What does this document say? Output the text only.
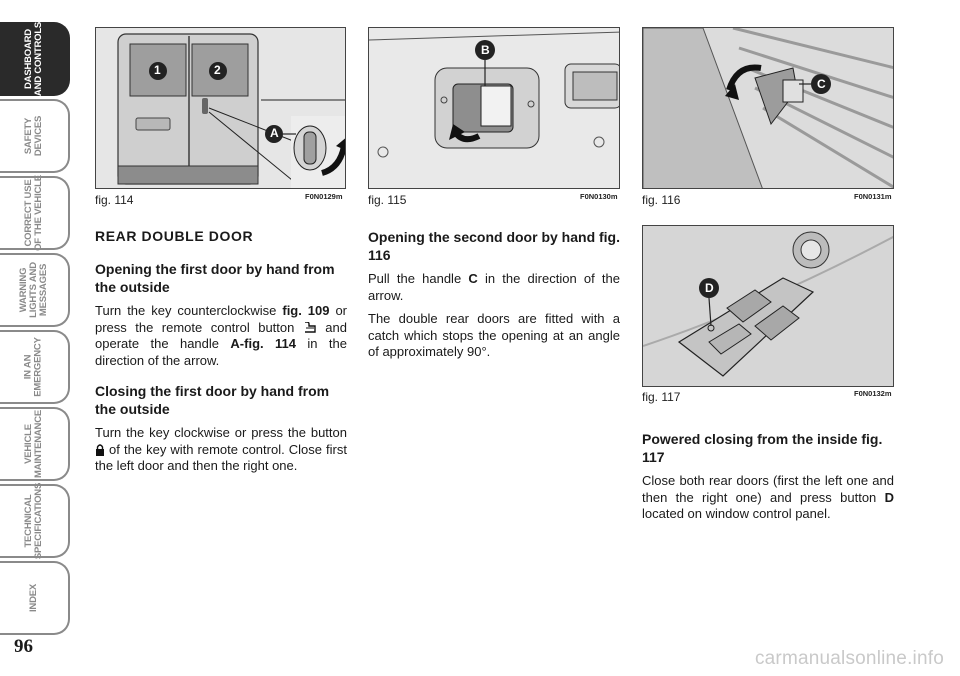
DASHBOARD
AND CONTROLS
SAFETY
DEVICES
CORRECT USE
OF THE VEHICLE
WARNING
LIGHTS AND
MESSAGES
IN AN
EMERGENCY
VEHICLE
MAINTENANCE
TECHNICAL
SPECIFICATIONS
INDEX
96
1	2
A
fig. 114	F0N0129m
B
fig. 115	F0N0130m
C
fig. 116	F0N0131m
D
fig. 117	F0N0132m
REAR DOUBLE DOOR
Opening the first door by hand from the outside

Turn the key counterclockwise fig. 109 or press the remote control button  and operate the handle A-fig. 114 in the direction of the arrow.

Closing the first door by hand from the outside

Turn the key clockwise or press the button  of the key with remote control. Close first the left door and then the right one.

Opening the second door by hand fig. 116

Pull the handle C in the direction of the arrow.

The double rear doors are fitted with a catch which stops the opening at an angle of approximately 90°.

Powered closing from the inside fig. 117

Close both rear doors (first the left one and then the right one) and press button D located on window control panel.

carmanualsonline.info
